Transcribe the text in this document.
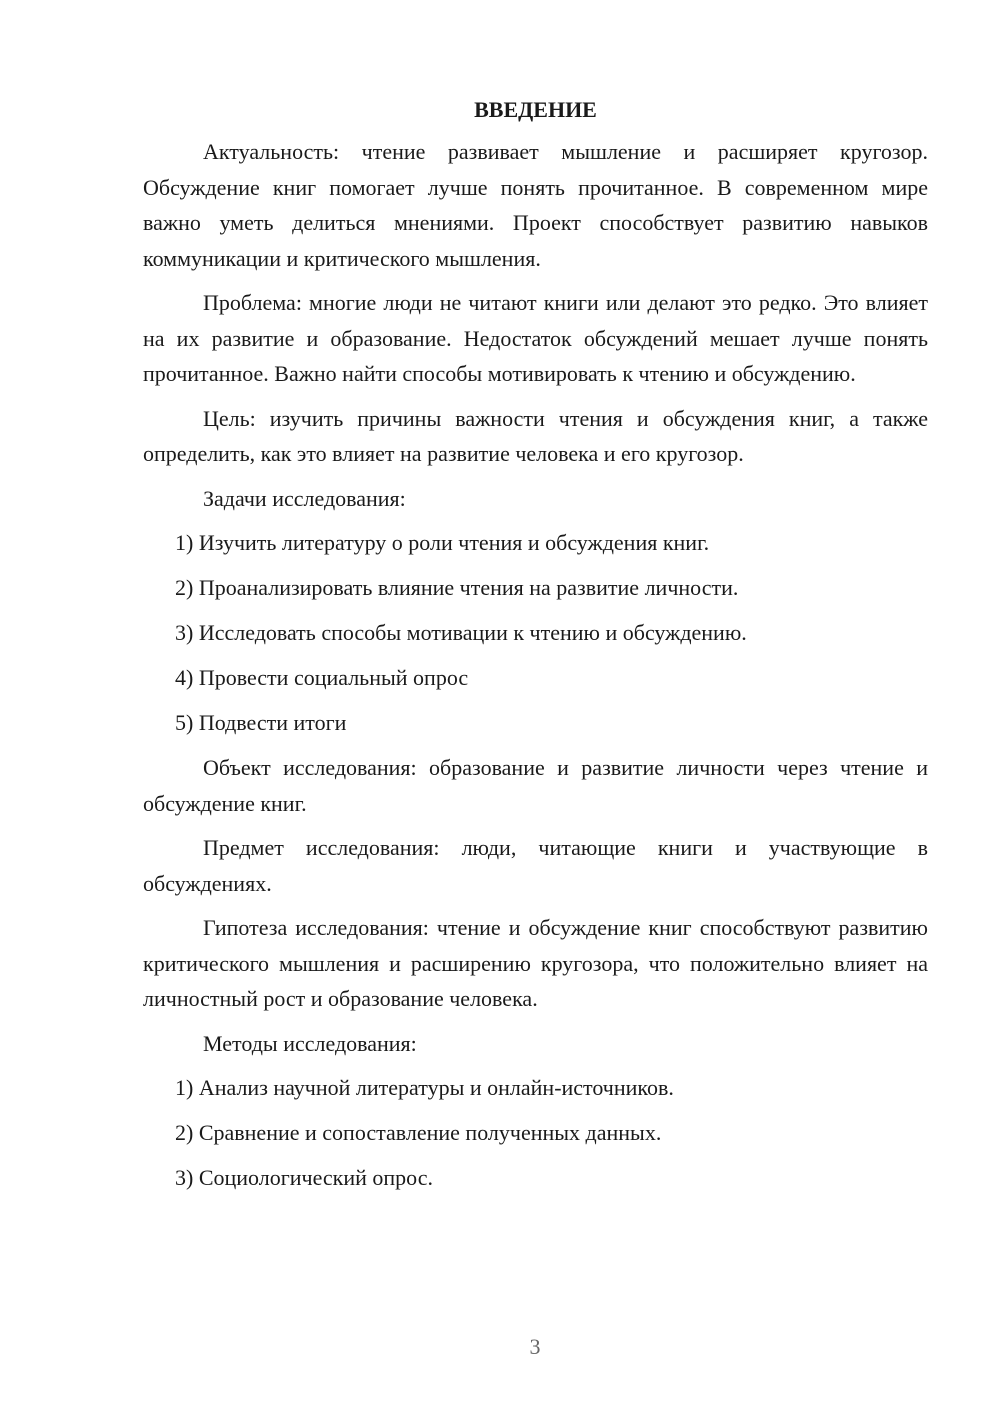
ВВЕДЕНИЕ

Актуальность: чтение развивает мышление и расширяет кругозор. Обсуждение книг помогает лучше понять прочитанное. В современном мире важно уметь делиться мнениями. Проект способствует развитию навыков коммуникации и критического мышления.

Проблема: многие люди не читают книги или делают это редко. Это влияет на их развитие и образование. Недостаток обсуждений мешает лучше понять прочитанное. Важно найти способы мотивировать к чтению и обсуждению.

Цель: изучить причины важности чтения и обсуждения книг, а также определить, как это влияет на развитие человека и его кругозор.

Задачи исследования:

1) Изучить литературу о роли чтения и обсуждения книг.

2) Проанализировать влияние чтения на развитие личности.

3) Исследовать способы мотивации к чтению и обсуждению.

4) Провести социальный опрос

5) Подвести итоги

Объект исследования: образование и развитие личности через чтение и обсуждение книг.

Предмет исследования: люди, читающие книги и участвующие в обсуждениях.

Гипотеза исследования: чтение и обсуждение книг способствуют развитию критического мышления и расширению кругозора, что положительно влияет на личностный рост и образование человека.

Методы исследования:

1) Анализ научной литературы и онлайн-источников.

2) Сравнение и сопоставление полученных данных.

3) Социологический опрос.

3
